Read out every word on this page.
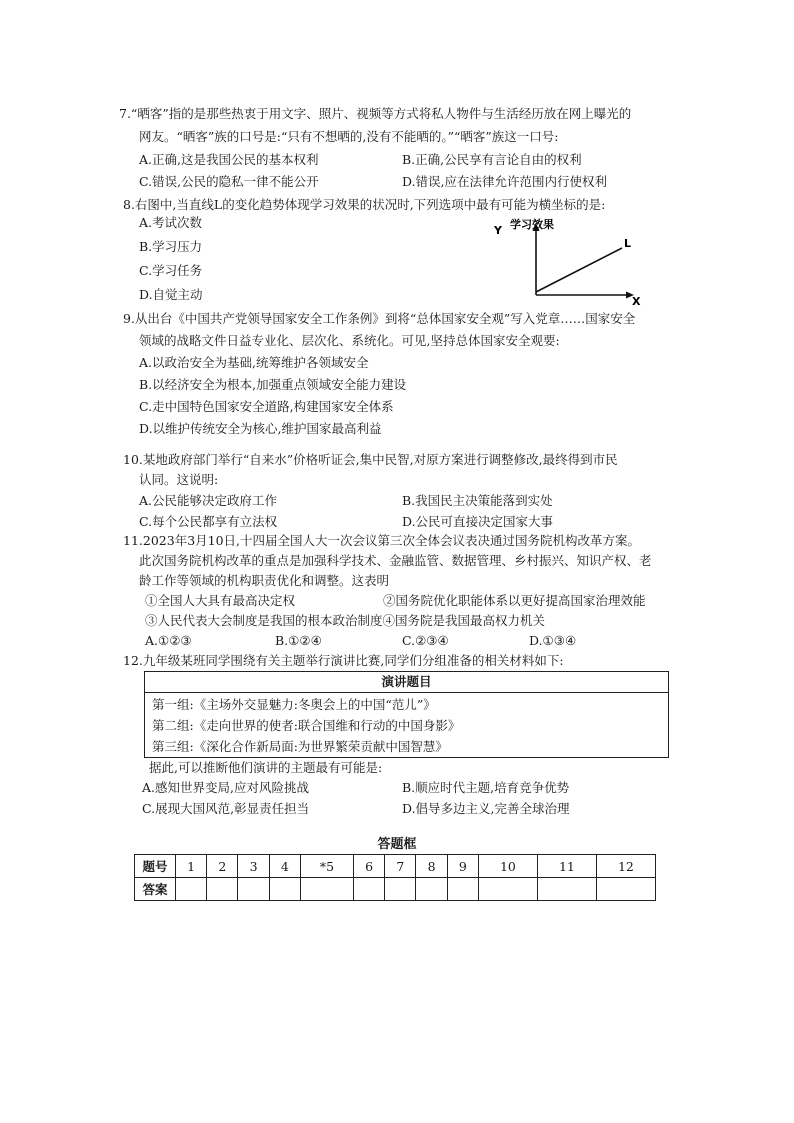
7.“晒客”指的是那些热衷于用文字、照片、视频等方式将私人物件与生活经历放在网上曝光的
网友。“晒客”族的口号是:“只有不想晒的,没有不能晒的。”“晒客”族这一口号:
A.正确,这是我国公民的基本权利	B.正确,公民享有言论自由的权利
C.错误,公民的隐私一律不能公开	D.错误,应在法律允许范围内行使权利
8.右图中,当直线L的变化趋势体现学习效果的状况时,下列选项中最有可能为横坐标的是:
A.考试次数
B.学习压力
C.学习任务
D.自觉主动
Y 学习效果
L
X
9.从出台《中国共产党领导国家安全工作条例》到将“总体国家安全观”写入党章……国家安全
领域的战略文件日益专业化、层次化、系统化。可见,坚持总体国家安全观要:
A.以政治安全为基础,统筹维护各领域安全
B.以经济安全为根本,加强重点领域安全能力建设
C.走中国特色国家安全道路,构建国家安全体系
D.以维护传统安全为核心,维护国家最高利益
10.某地政府部门举行“自来水”价格听证会,集中民智,对原方案进行调整修改,最终得到市民
认同。这说明:
A.公民能够决定政府工作	B.我国民主决策能落到实处
C.每个公民都享有立法权	D.公民可直接决定国家大事
11.2023年3月10日,十四届全国人大一次会议第三次全体会议表决通过国务院机构改革方案。
此次国务院机构改革的重点是加强科学技术、金融监管、数据管理、乡村振兴、知识产权、老
龄工作等领域的机构职责优化和调整。这表明
①全国人大具有最高决定权	②国务院优化职能体系以更好提高国家治理效能
③人民代表大会制度是我国的根本政治制度④国务院是我国最高权力机关
A.①②③	B.①②④	C.②③④	D.①③④
12.九年级某班同学围绕有关主题举行演讲比赛,同学们分组准备的相关材料如下:
演讲题目
第一组:《主场外交显魅力:冬奥会上的中国“范儿”》
第二组:《走向世界的使者:联合国维和行动的中国身影》
第三组:《深化合作新局面:为世界繁荣贡献中国智慧》
据此,可以推断他们演讲的主题最有可能是:
A.感知世界变局,应对风险挑战	B.顺应时代主题,培育竞争优势
C.展现大国风范,彰显责任担当	D.倡导多边主义,完善全球治理
答题框
题号	1	2	3	4	*5	6	7	8	9	10	11	12
答案												
